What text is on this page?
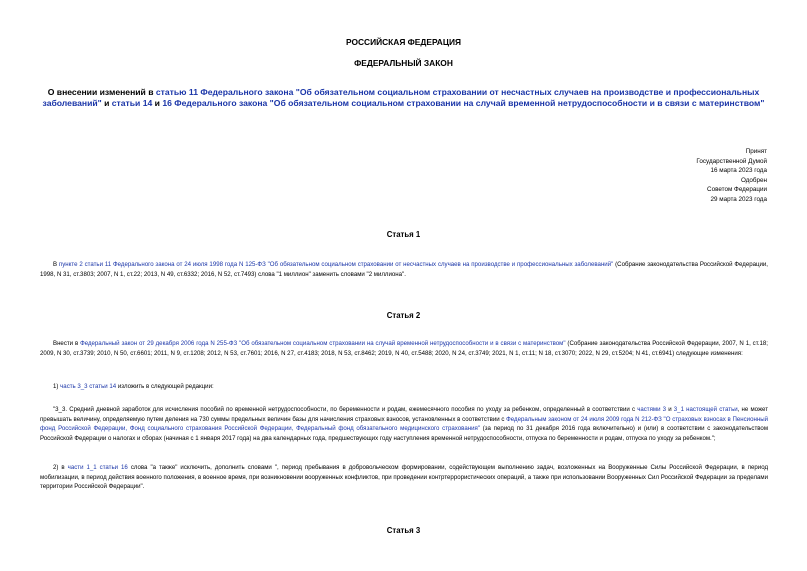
РОССИЙСКАЯ ФЕДЕРАЦИЯ

ФЕДЕРАЛЬНЫЙ ЗАКОН

О внесении изменений в статью 11 Федерального закона "Об обязательном социальном страховании от несчастных случаев на производстве и профессиональных заболеваний" и статьи 14 и 16 Федерального закона "Об обязательном социальном страховании на случай временной нетрудоспособности и в связи с материнством"

Принят
Государственной Думой
16 марта 2023 года
Одобрен
Советом Федерации
29 марта 2023 года

Статья 1

В пункте 2 статьи 11 Федерального закона от 24 июля 1998 года N 125-ФЗ "Об обязательном социальном страховании от несчастных случаев на производстве и профессиональных заболеваний" (Собрание законодательства Российской Федерации, 1998, N 31, ст.3803; 2007, N 1, ст.22; 2013, N 49, ст.6332; 2016, N 52, ст.7493) слова "1 миллион" заменить словами "2 миллиона".

Статья 2

Внести в Федеральный закон от 29 декабря 2006 года N 255-ФЗ "Об обязательном социальном страховании на случай временной нетрудоспособности и в связи с материнством" (Собрание законодательства Российской Федерации, 2007, N 1, ст.18; 2009, N 30, ст.3739; 2010, N 50, ст.6601; 2011, N 9, ст.1208; 2012, N 53, ст.7601; 2016, N 27, ст.4183; 2018, N 53, ст.8462; 2019, N 40, ст.5488; 2020, N 24, ст.3749; 2021, N 1, ст.11; N 18, ст.3070; 2022, N 29, ст.5204; N 41, ст.6941) следующие изменения:

1) часть 3_3 статьи 14 изложить в следующей редакции:

"3_3. Средний дневной заработок для исчисления пособий по временной нетрудоспособности, по беременности и родам, ежемесячного пособия по уходу за ребенком, определенный в соответствии с частями 3 и 3_1 настоящей статьи, не может превышать величину, определяемую путем деления на 730 суммы предельных величин базы для начисления страховых взносов, установленных в соответствии с Федеральным законом от 24 июля 2009 года N 212-ФЗ "О страховых взносах в Пенсионный фонд Российской Федерации, Фонд социального страхования Российской Федерации, Федеральный фонд обязательного медицинского страхования" (за период по 31 декабря 2016 года включительно) и (или) в соответствии с законодательством Российской Федерации о налогах и сборах (начиная с 1 января 2017 года) на два календарных года, предшествующих году наступления временной нетрудоспособности, отпуска по беременности и родам, отпуска по уходу за ребенком.";

2) в части 1_1 статьи 16 слова "а также" исключить, дополнить словами ", период пребывания в добровольческом формировании, содействующем выполнению задач, возложенных на Вооруженные Силы Российской Федерации, в период мобилизации, в период действия военного положения, в военное время, при возникновении вооруженных конфликтов, при проведении контртеррористических операций, а также при использовании Вооруженных Сил Российской Федерации за пределами территории Российской Федерации".

Статья 3
